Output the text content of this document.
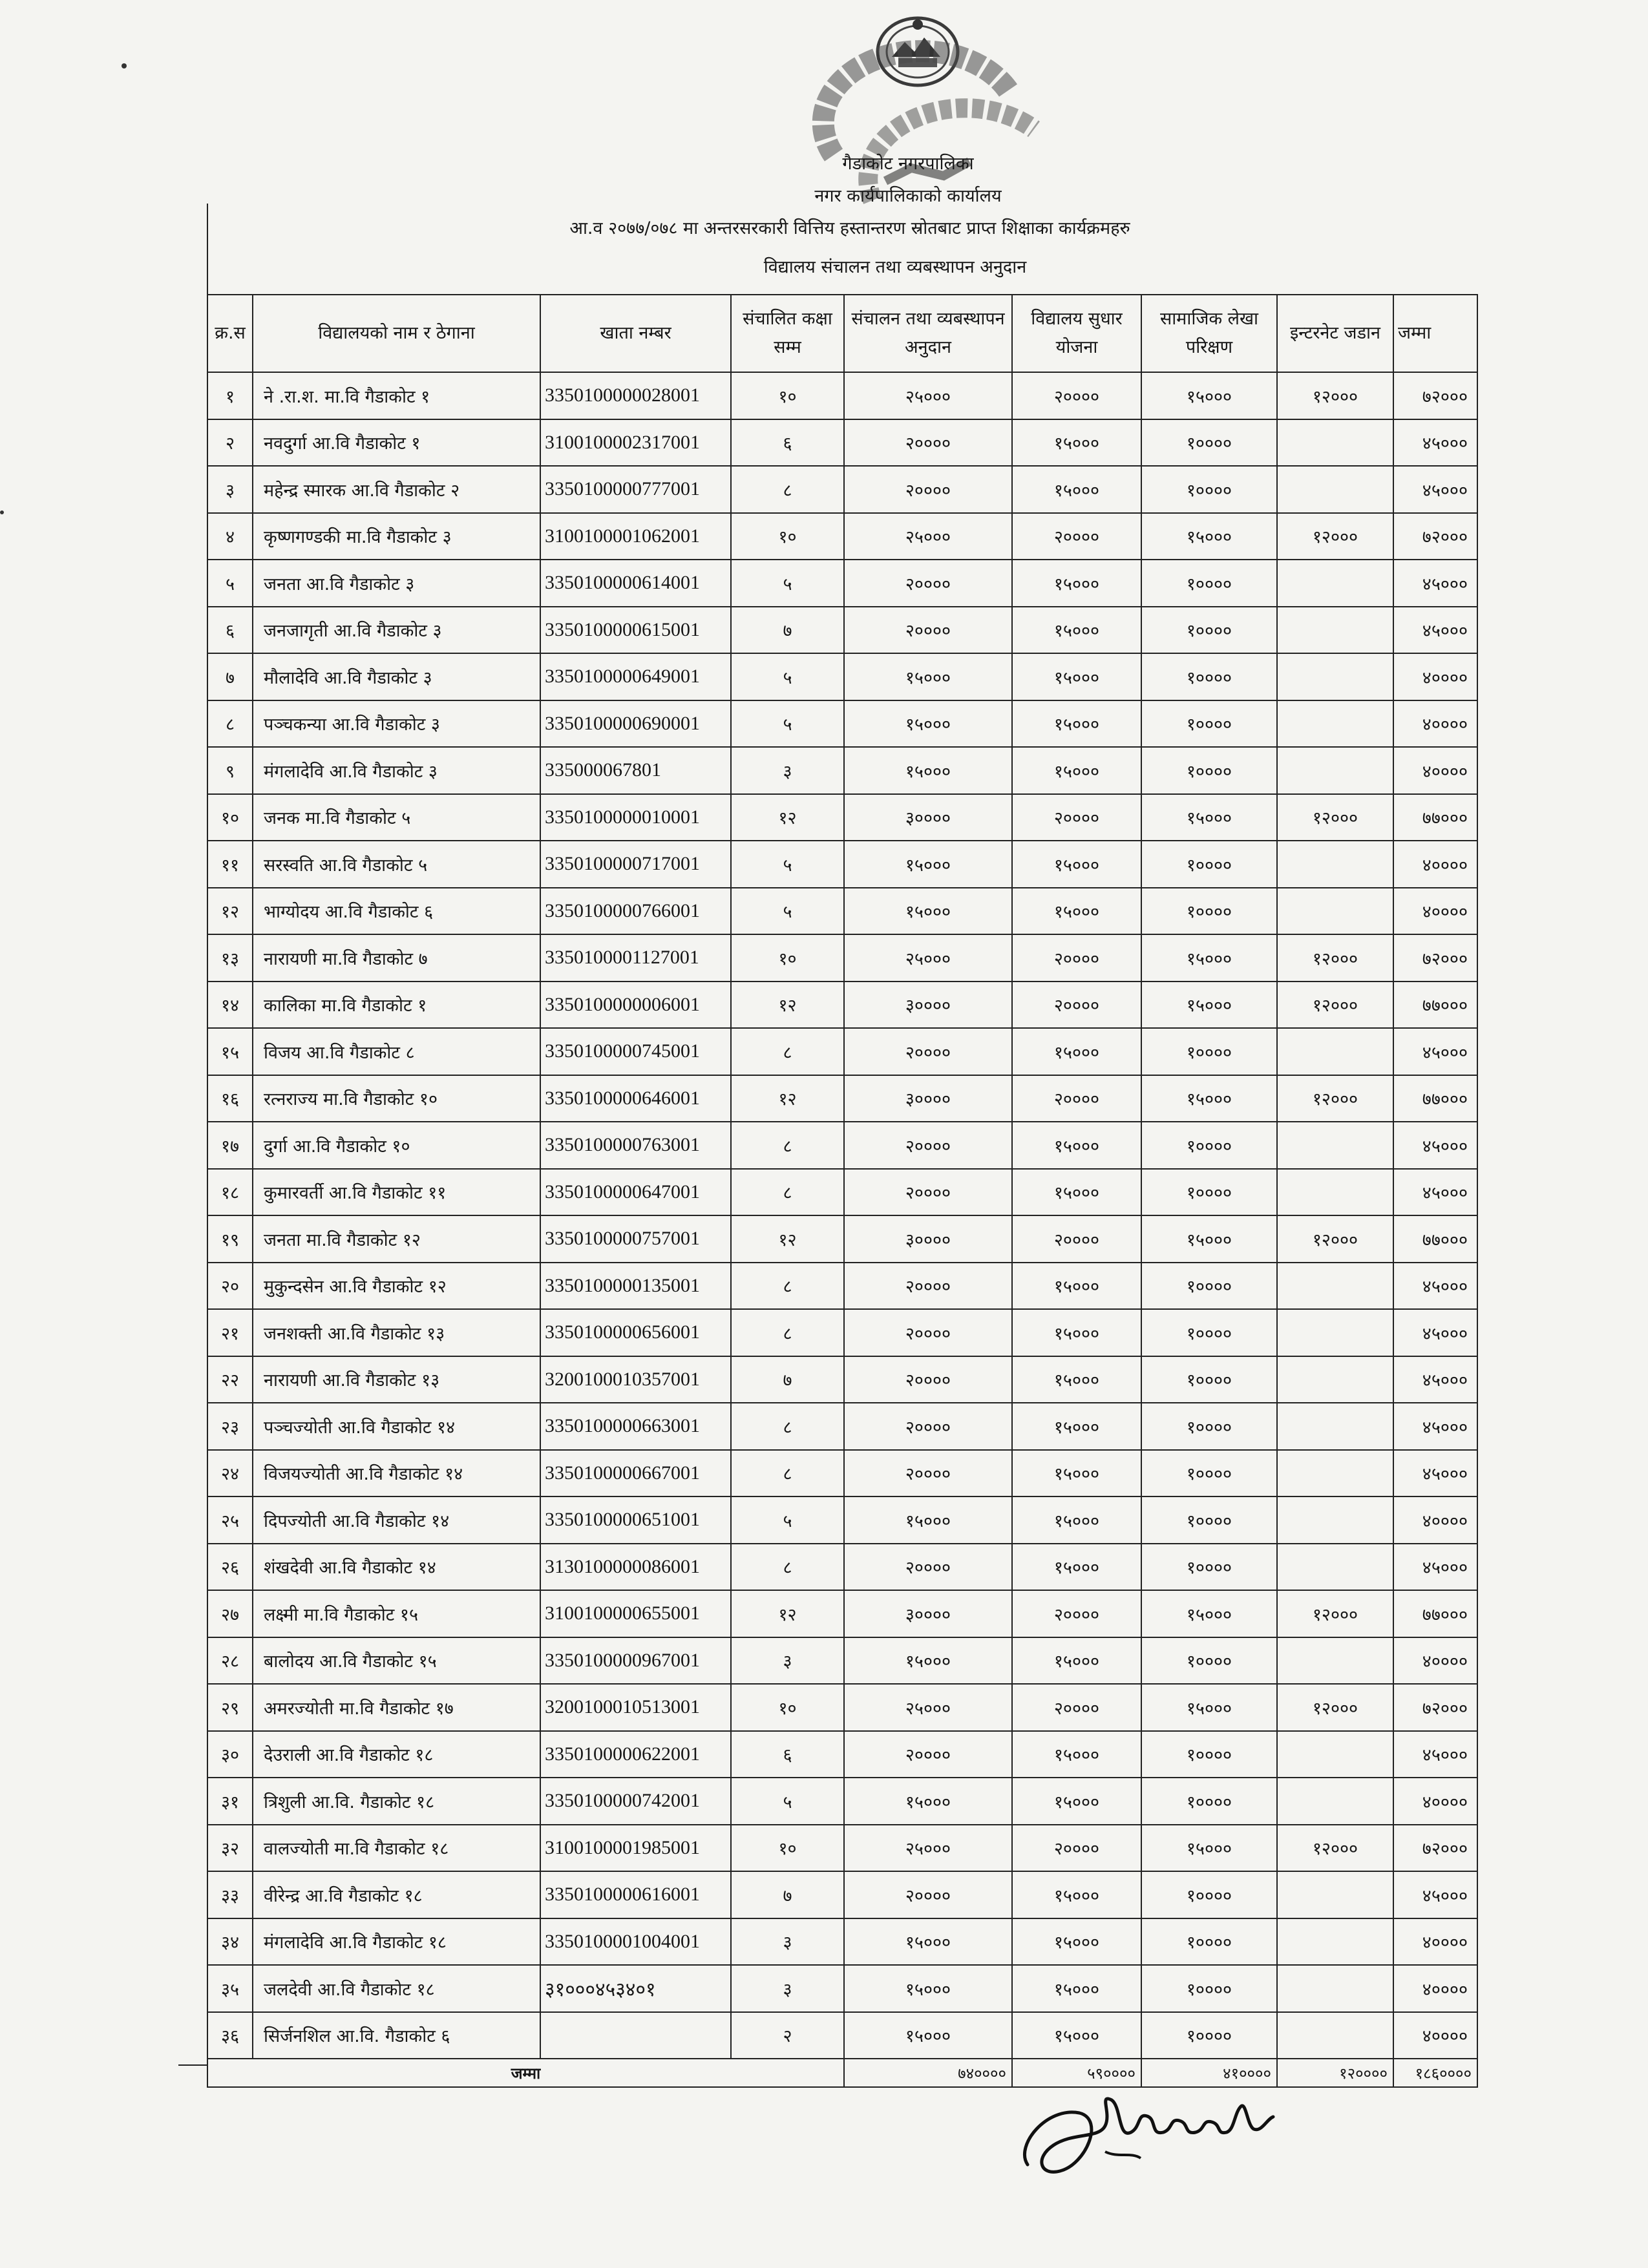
गैडाकोट नगरपालिका
नगर कार्यपालिकाको कार्यालय
आ.व २०७७/०७८ मा अन्तरसरकारी वित्तिय हस्तान्तरण स्रोतबाट प्राप्त शिक्षाका कार्यक्रमहरु
विद्यालय संचालन तथा व्यबस्थापन अनुदान
क्र.स	विद्यालयको नाम र ठेगाना	खाता नम्बर	संचालित कक्षा सम्म	संचालन तथा व्यबस्थापन अनुदान	विद्यालय सुधार योजना	सामाजिक लेखा परिक्षण	इन्टरनेट जडान	जम्मा
१	ने .रा.श. मा.वि गैडाकोट १	3350100000028001	१०	२५०००	२००००	१५०००	१२०००	७२०००
२	नवदुर्गा आ.वि गैडाकोट १	3100100002317001	६	२००००	१५०००	१००००		४५०००
३	महेन्द्र स्मारक आ.वि गैडाकोट २	3350100000777001	८	२००००	१५०००	१००००		४५०००
४	कृष्णगण्डकी मा.वि गैडाकोट ३	3100100001062001	१०	२५०००	२००००	१५०००	१२०००	७२०००
५	जनता आ.वि गैडाकोट ३	3350100000614001	५	२००००	१५०००	१००००		४५०००
६	जनजागृती आ.वि गैडाकोट ३	3350100000615001	७	२००००	१५०००	१००००		४५०००
७	मौलादेवि आ.वि गैडाकोट ३	3350100000649001	५	१५०००	१५०००	१००००		४००००
८	पञ्चकन्या आ.वि गैडाकोट ३	3350100000690001	५	१५०००	१५०००	१००००		४००००
९	मंगलादेवि आ.वि गैडाकोट ३	335000067801	३	१५०००	१५०००	१००००		४००००
१०	जनक मा.वि गैडाकोट ५	3350100000010001	१२	३००००	२००००	१५०००	१२०००	७७०००
११	सरस्वति आ.वि गैडाकोट ५	3350100000717001	५	१५०००	१५०००	१००००		४००००
१२	भाग्योदय आ.वि गैडाकोट ६	3350100000766001	५	१५०००	१५०००	१००००		४००००
१३	नारायणी मा.वि गैडाकोट ७	3350100001127001	१०	२५०००	२००००	१५०००	१२०००	७२०००
१४	कालिका मा.वि गैडाकोट १	3350100000006001	१२	३००००	२००००	१५०००	१२०००	७७०००
१५	विजय आ.वि गैडाकोट ८	3350100000745001	८	२००००	१५०००	१००००		४५०००
१६	रत्नराज्य मा.वि गैडाकोट १०	3350100000646001	१२	३००००	२००००	१५०००	१२०००	७७०००
१७	दुर्गा आ.वि गैडाकोट १०	3350100000763001	८	२००००	१५०००	१००००		४५०००
१८	कुमारवर्ती आ.वि गैडाकोट ११	3350100000647001	८	२००००	१५०००	१००००		४५०००
१९	जनता मा.वि गैडाकोट १२	3350100000757001	१२	३००००	२००००	१५०००	१२०००	७७०००
२०	मुकुन्दसेन आ.वि गैडाकोट १२	3350100000135001	८	२००००	१५०००	१००००		४५०००
२१	जनशक्ती आ.वि गैडाकोट १३	3350100000656001	८	२००००	१५०००	१००००		४५०००
२२	नारायणी आ.वि गैडाकोट १३	3200100010357001	७	२००००	१५०००	१००००		४५०००
२३	पञ्चज्योती आ.वि गैडाकोट १४	3350100000663001	८	२००००	१५०००	१००००		४५०००
२४	विजयज्योती आ.वि गैडाकोट १४	3350100000667001	८	२००००	१५०००	१००००		४५०००
२५	दिपज्योती आ.वि गैडाकोट १४	3350100000651001	५	१५०००	१५०००	१००००		४००००
२६	शंखदेवी आ.वि गैडाकोट १४	3130100000086001	८	२००००	१५०००	१००००		४५०००
२७	लक्ष्मी मा.वि गैडाकोट १५	3100100000655001	१२	३००००	२००००	१५०००	१२०००	७७०००
२८	बालोदय आ.वि गैडाकोट १५	3350100000967001	३	१५०००	१५०००	१००००		४००००
२९	अमरज्योती मा.वि गैडाकोट १७	3200100010513001	१०	२५०००	२००००	१५०००	१२०००	७२०००
३०	देउराली आ.वि गैडाकोट १८	3350100000622001	६	२००००	१५०००	१००००		४५०००
३१	त्रिशुली आ.वि. गैडाकोट १८	3350100000742001	५	१५०००	१५०००	१००००		४००००
३२	वालज्योती मा.वि गैडाकोट १८	3100100001985001	१०	२५०००	२००००	१५०००	१२०००	७२०००
३३	वीरेन्द्र आ.वि गैडाकोट १८	3350100000616001	७	२००००	१५०००	१००००		४५०००
३४	मंगलादेवि आ.वि गैडाकोट १८	3350100001004001	३	१५०००	१५०००	१००००		४००००
३५	जलदेवी आ.वि गैडाकोट १८	३१०००४५३४०१	३	१५०००	१५०००	१००००		४००००
३६	सिर्जनशिल आ.वि. गैडाकोट ६		२	१५०००	१५०००	१००००		४००००
जम्मा				७४००००	५९००००	४१००००	१२००००	१८६००००
